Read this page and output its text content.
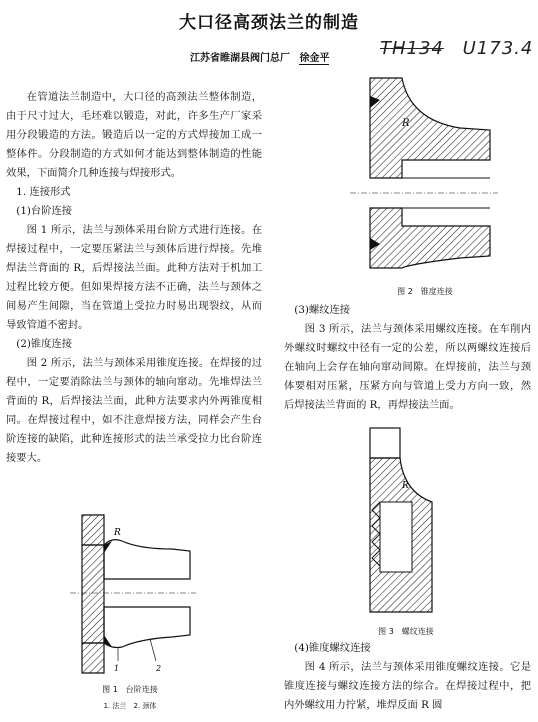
大口径高颈法兰的制造
江苏省睢湖县阀门总厂 徐金平	TH134 U173.4

在管道法兰制造中，大口径的高颈法兰整体制造，由于尺寸过大，毛坯难以锻造，对此，许多生产厂家采用分段锻造的方法。锻造后以一定的方式焊接加工成一整体件。分段制造的方式如何才能达到整体制造的性能效果，下面简介几种连接与焊接形式。

1. 连接形式

(1)台阶连接

图 1 所示，法兰与颈体采用台阶方式进行连接。在焊接过程中，一定要压紧法兰与颈体后进行焊接。先堆焊法兰背面的 R，后焊接法兰面。此种方法对于机加工过程比较方便。但如果焊接方法不正确，法兰与颈体之间易产生间隙，当在管道上受拉力时易出现裂纹，从而导致管道不密封。

(2)锥度连接

图 2 所示，法兰与颈体采用锥度连接。在焊接的过程中，一定要消除法兰与颈体的轴向窜动。先堆焊法兰背面的 R，后焊接法兰面，此种方法要求内外两锥度相同。在焊接过程中，如不注意焊接方法，同样会产生台阶连接的缺陷，此种连接形式的法兰承受拉力比台阶连接要大。

(3)螺纹连接

图 3 所示，法兰与颈体采用螺纹连接。在车削内外螺纹时螺纹中径有一定的公差，所以两螺纹连接后在轴向上会存在轴向窜动间隙。在焊接前，法兰与颈体要相对压紧，压紧方向与管道上受力方向一致，然后焊接法兰背面的 R，再焊接法兰面。

(4)锥度螺纹连接

图 4 所示，法兰与颈体采用锥度螺纹连接。它是锥度连接与螺纹连接方法的综合。在焊接过程中，把内外螺纹用力拧紧，堆焊反面 R 圆

R
图 2　锥度连接
R
图 3　螺纹连接
R
1	2
图 1　台阶连接
1. 法兰　2. 颈体
